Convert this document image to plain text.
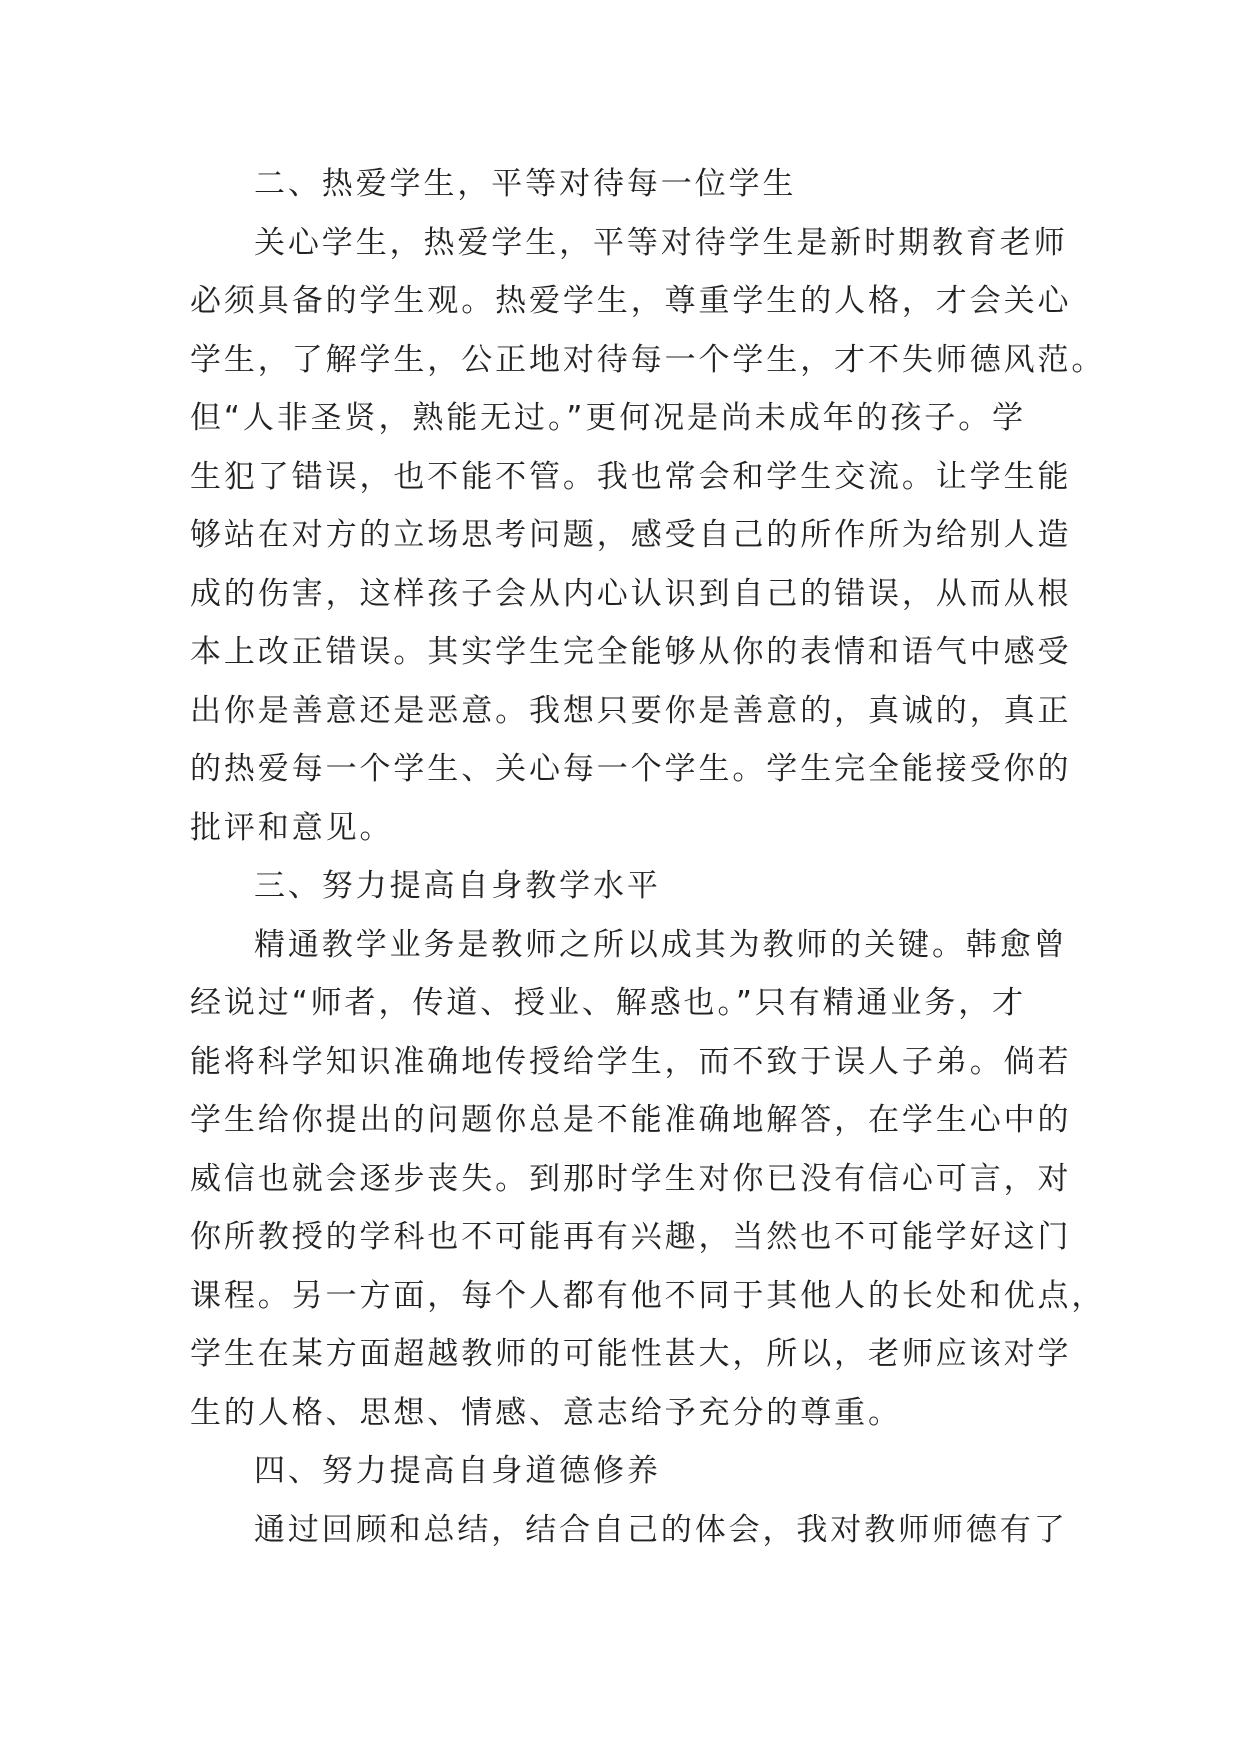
二、热爱学生，平等对待每一位学生
关心学生，热爱学生，平等对待学生是新时期教育老师
必须具备的学生观。热爱学生，尊重学生的人格，才会关心
学生，了解学生，公正地对待每一个学生，才不失师德风范。
但“人非圣贤，熟能无过。”更何况是尚未成年的孩子。学
生犯了错误，也不能不管。我也常会和学生交流。让学生能
够站在对方的立场思考问题，感受自己的所作所为给别人造
成的伤害，这样孩子会从内心认识到自己的错误，从而从根
本上改正错误。其实学生完全能够从你的表情和语气中感受
出你是善意还是恶意。我想只要你是善意的，真诚的，真正
的热爱每一个学生、关心每一个学生。学生完全能接受你的
批评和意见。
三、努力提高自身教学水平
精通教学业务是教师之所以成其为教师的关键。韩愈曾
经说过“师者，传道、授业、解惑也。”只有精通业务，才
能将科学知识准确地传授给学生，而不致于误人子弟。倘若
学生给你提出的问题你总是不能准确地解答，在学生心中的
威信也就会逐步丧失。到那时学生对你已没有信心可言，对
你所教授的学科也不可能再有兴趣，当然也不可能学好这门
课程。另一方面，每个人都有他不同于其他人的长处和优点，
学生在某方面超越教师的可能性甚大，所以，老师应该对学
生的人格、思想、情感、意志给予充分的尊重。
四、努力提高自身道德修养
通过回顾和总结，结合自己的体会，我对教师师德有了
